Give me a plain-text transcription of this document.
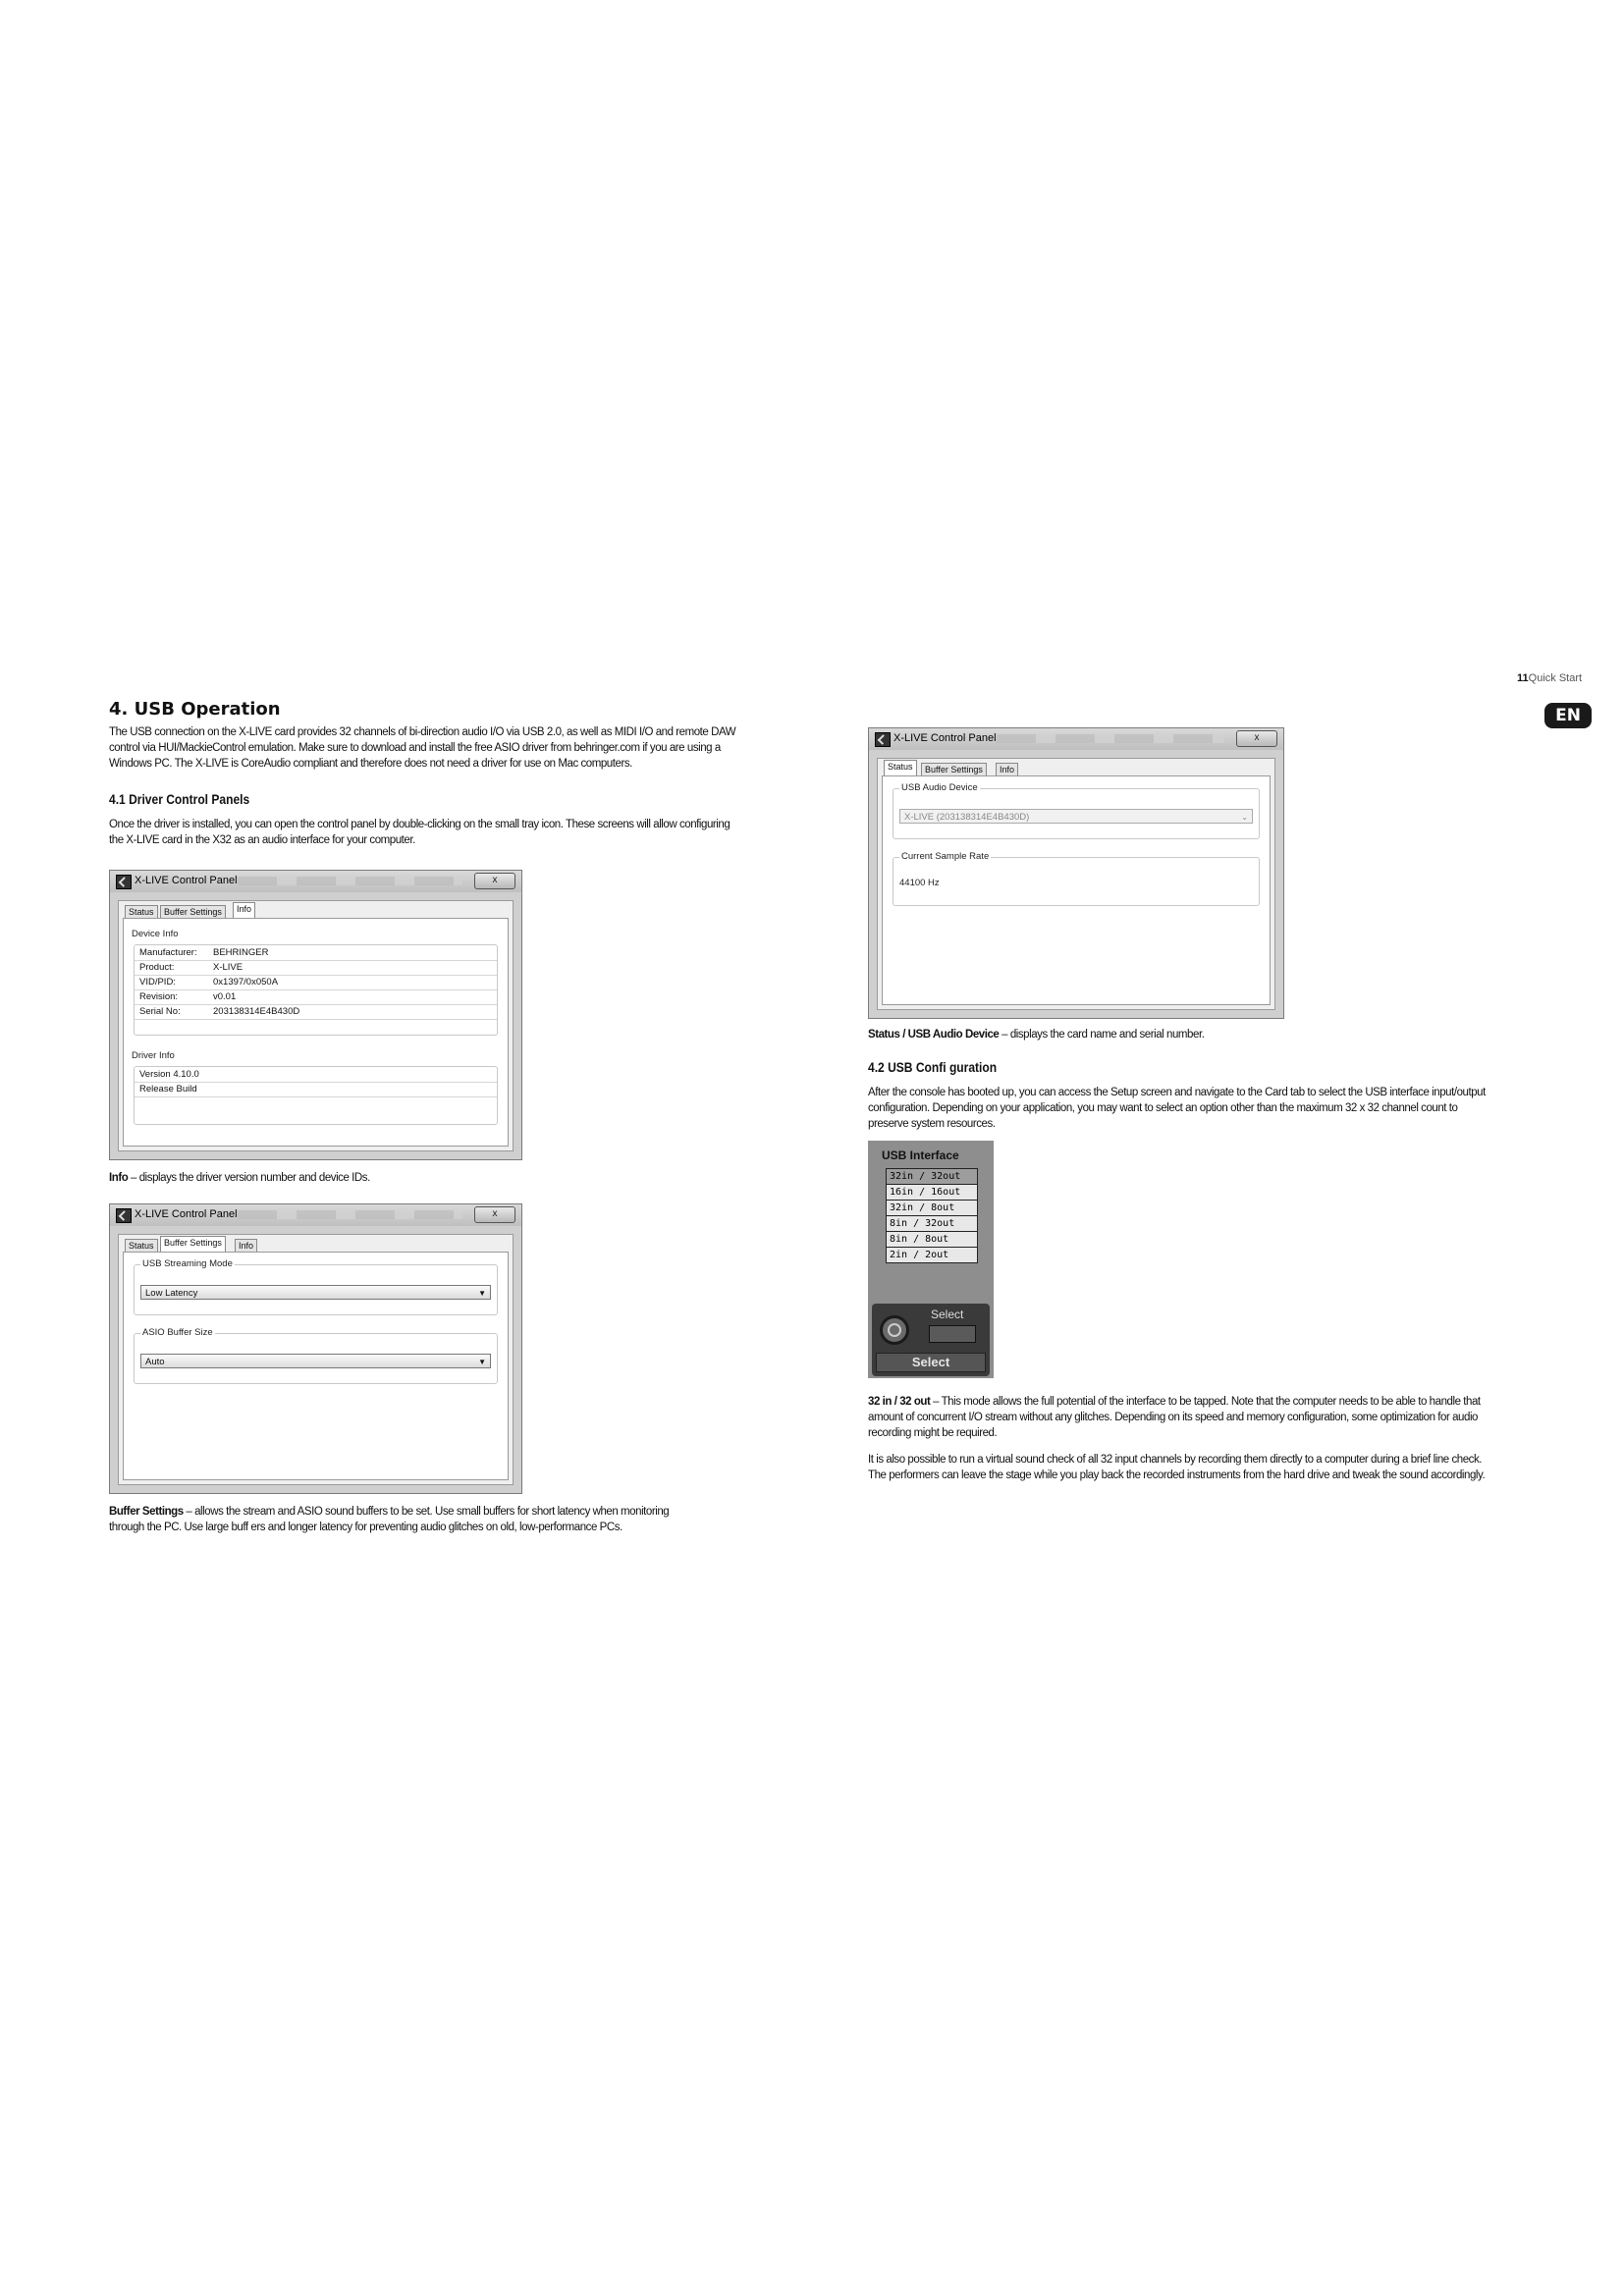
11Quick Start
EN
4. USB Operation

The USB connection on the X-LIVE card provides 32 channels of bi-direction audio I/O via USB 2.0, as well as MIDI I/O and remote DAW

control via HUI/MackieControl emulation. Make sure to download and install the free ASIO driver from behringer.com if you are using a

Windows PC. The X-LIVE is CoreAudio compliant and therefore does not need a driver for use on Mac computers.

4.1 Driver Control Panels

Once the driver is installed, you can open the control panel by double-clicking on the small tray icon. These screens will allow configuring

the X-LIVE card in the X32 as an audio interface for your computer.

X-LIVE Control Panel	x
Status	Buffer Settings	Info
Device Info
Manufacturer: BEHRINGER
Product:	X-LIVE
VID/PID:	0x1397/0x050A
Revision:	v0.01
Serial No:	203138314E4B430D
Driver Info
Version 4.10.0
Release Build
Info – displays the driver version number and device IDs.
X-LIVE Control Panel	x
Status	Buffer Settings	Info
USB Streaming Mode
Low Latency	▼
ASIO Buffer Size
Auto	▼
Buffer Settings – allows the stream and ASIO sound buffers to be set. Use small buffers for short latency when monitoring
through the PC. Use large buff ers and longer latency for preventing audio glitches on old, low-performance PCs.
X-LIVE Control Panel	x
Status	Buffer Settings	Info
USB Audio Device
X-LIVE (203138314E4B430D)	⌄
Current Sample Rate
44100 Hz
Status / USB Audio Device – displays the card name and serial number.
4.2 USB Confi guration

After the console has booted up, you can access the Setup screen and navigate to the Card tab to select the USB interface input/output

configuration. Depending on your application, you may want to select an option other than the maximum 32 x 32 channel count to

preserve system resources.

USB Interface
32in / 32out
16in / 16out
32in / 8out
8in / 32out
8in / 8out
2in / 2out
Select
Select

32 in / 32 out – This mode allows the full potential of the interface to be tapped. Note that the computer needs to be able to handle that

amount of concurrent I/O stream without any glitches. Depending on its speed and memory configuration, some optimization for audio

recording might be required.

It is also possible to run a virtual sound check of all 32 input channels by recording them directly to a computer during a brief line check.

The performers can leave the stage while you play back the recorded instruments from the hard drive and tweak the sound accordingly.
